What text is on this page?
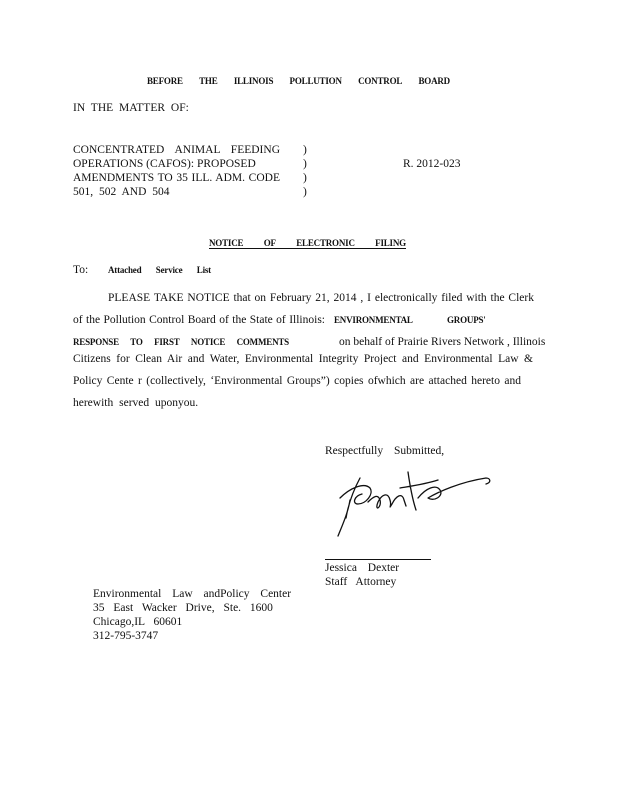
BEFORE THE ILLINOIS POLLUTION CONTROL BOARD
IN THE MATTER OF:
CONCENTRATED ANIMAL FEEDING
OPERATIONS (CAFOS): PROPOSED
AMENDMENTS TO 35 ILL. ADM. CODE
501, 502 AND 504
)
)
)
)
R. 2012-023
NOTICE OF ELECTRONIC FILING
To: Attached Service List
PLEASE TAKE NOTICE that on February 21, 2014 , I electronically filed with the Clerk
of the Pollution Control Board of the State of Illinois: ENVIRONMENTAL	GROUPS'
RESPONSE TO FIRST NOTICE COMMENTS	on behalf of Prairie Rivers Network , Illinois
Citizens for Clean Air and Water, Environmental Integrity Project and Environmental Law &
Policy Cente r (collectively, ‘Environmental Groups”) copies ofwhich are attached hereto and
herewith served uponyou.
Respectfully Submitted,
Jessica Dexter
Staff Attorney
Environmental Law andPolicy Center
35 East Wacker Drive, Ste. 1600
Chicago,IL 60601
312-795-3747
